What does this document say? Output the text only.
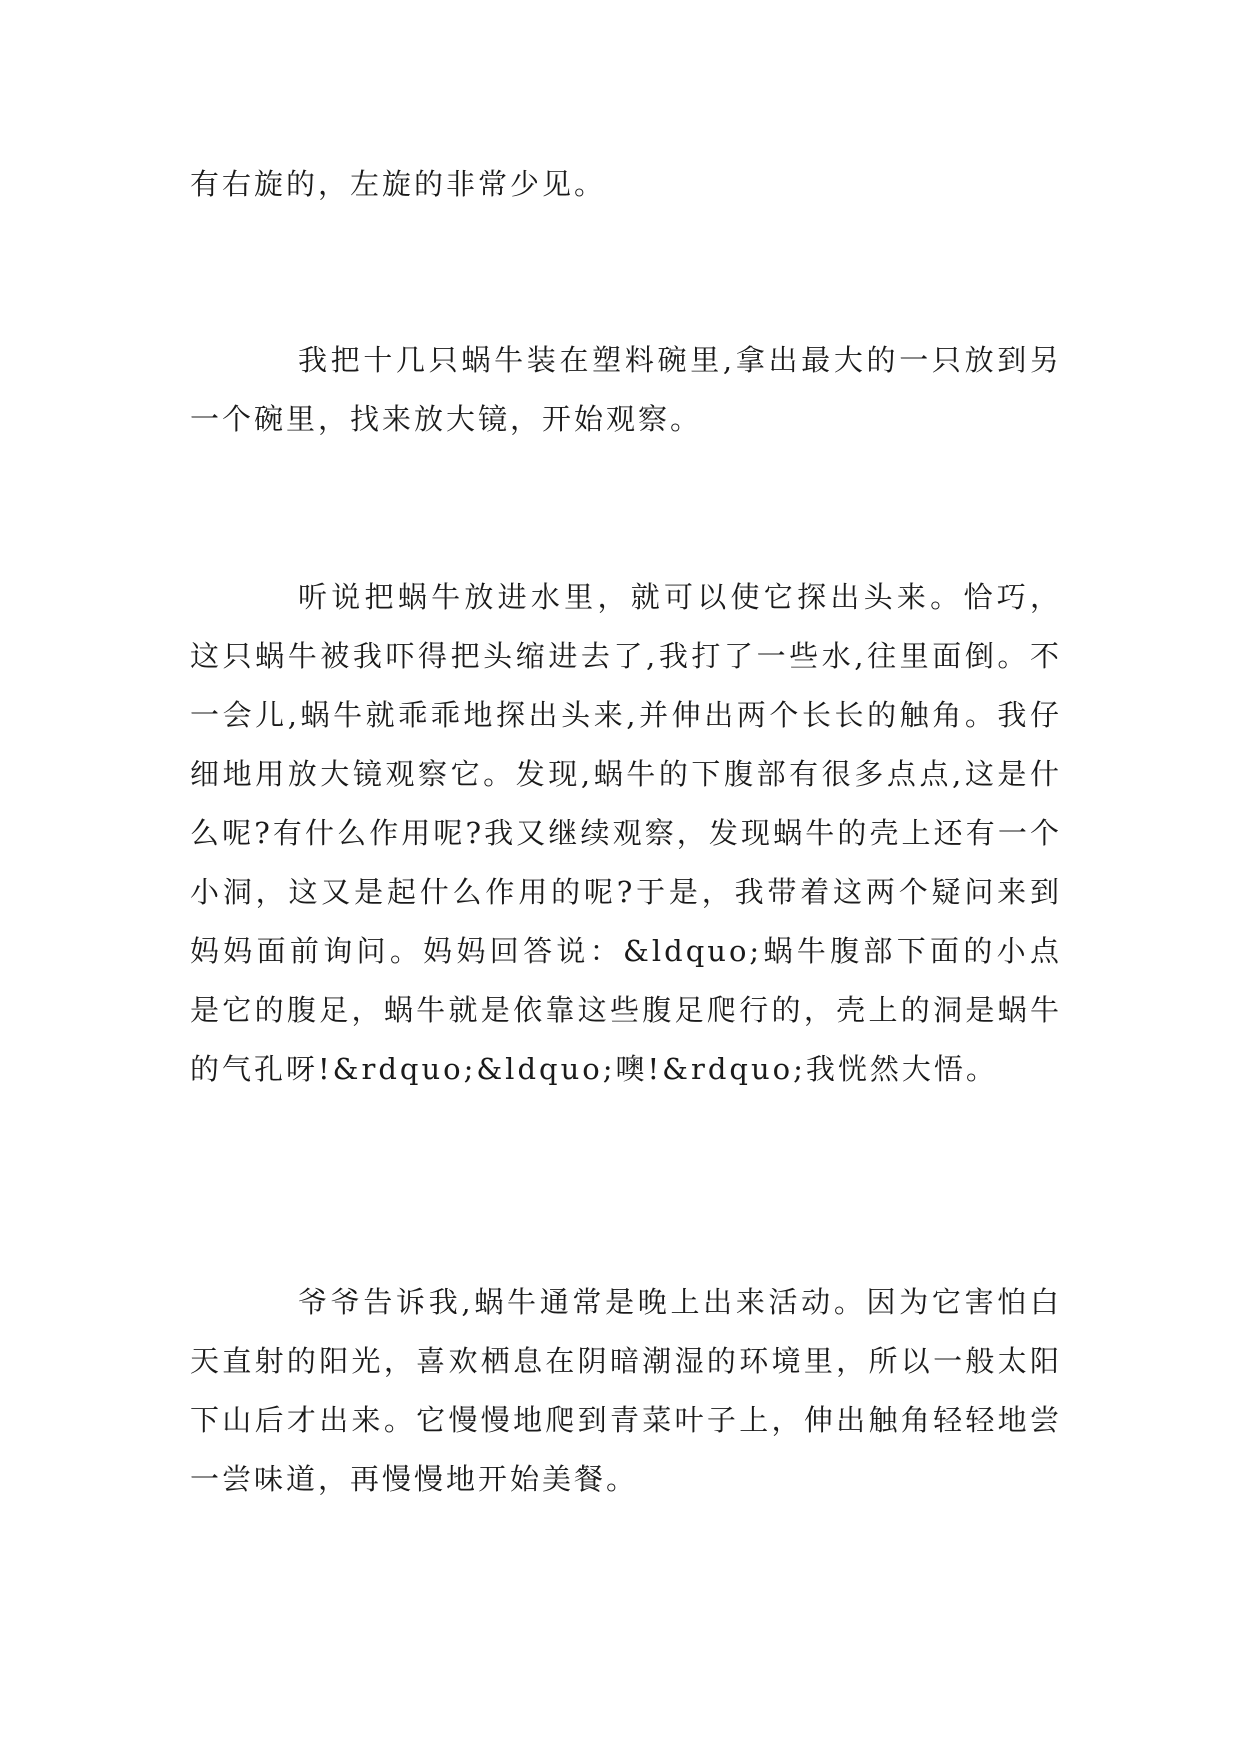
有右旋的，左旋的非常少见。

我把十几只蜗牛装在塑料碗里,拿出最大的一只放到另一个碗里，找来放大镜，开始观察。

听说把蜗牛放进水里，就可以使它探出头来。恰巧，这只蜗牛被我吓得把头缩进去了,我打了一些水,往里面倒。不一会儿,蜗牛就乖乖地探出头来,并伸出两个长长的触角。我仔细地用放大镜观察它。发现,蜗牛的下腹部有很多点点,这是什么呢?有什么作用呢?我又继续观察，发现蜗牛的壳上还有一个小洞，这又是起什么作用的呢?于是，我带着这两个疑问来到妈妈面前询问。妈妈回答说：&ldquo;蜗牛腹部下面的小点是它的腹足，蜗牛就是依靠这些腹足爬行的，壳上的洞是蜗牛的气孔呀!&rdquo;&ldquo;噢!&rdquo;我恍然大悟。

爷爷告诉我,蜗牛通常是晚上出来活动。因为它害怕白天直射的阳光，喜欢栖息在阴暗潮湿的环境里，所以一般太阳下山后才出来。它慢慢地爬到青菜叶子上，伸出触角轻轻地尝一尝味道，再慢慢地开始美餐。
